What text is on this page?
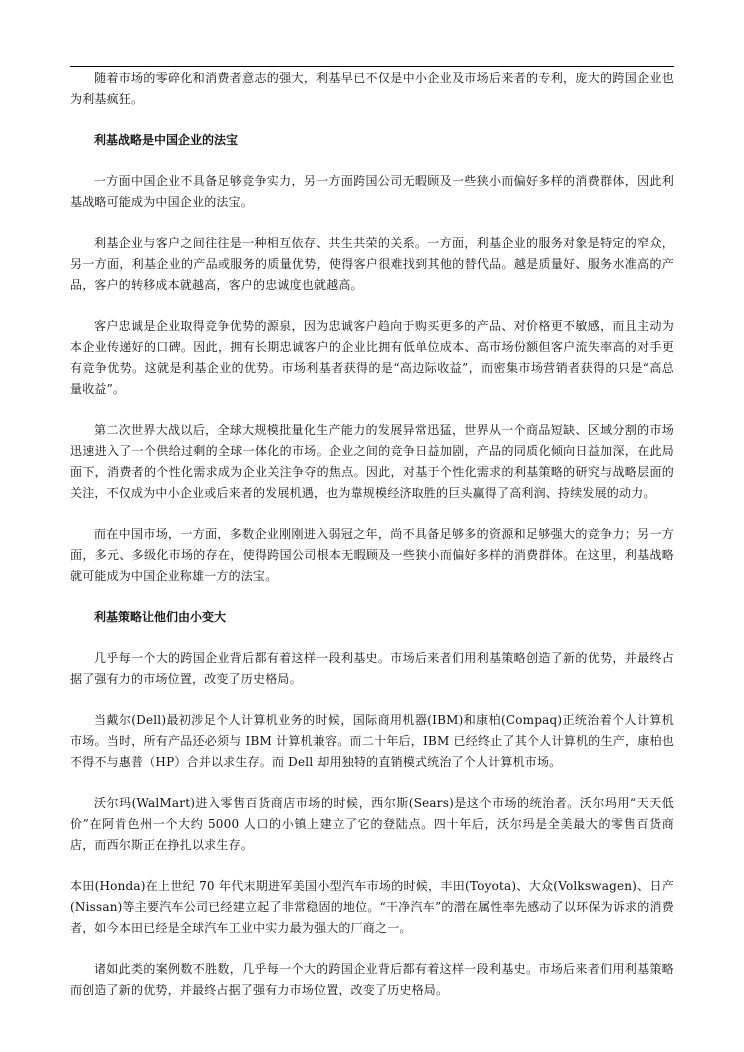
随着市场的零碎化和消费者意志的强大，利基早已不仅是中小企业及市场后来者的专利，庞大的跨国企业也为利基疯狂。

利基战略是中国企业的法宝

一方面中国企业不具备足够竞争实力，另一方面跨国公司无暇顾及一些狭小而偏好多样的消费群体，因此利基战略可能成为中国企业的法宝。

利基企业与客户之间往往是一种相互依存、共生共荣的关系。一方面，利基企业的服务对象是特定的窄众，另一方面，利基企业的产品或服务的质量优势，使得客户很难找到其他的替代品。越是质量好、服务水准高的产品，客户的转移成本就越高，客户的忠诚度也就越高。

客户忠诚是企业取得竞争优势的源泉，因为忠诚客户趋向于购买更多的产品、对价格更不敏感，而且主动为本企业传递好的口碑。因此，拥有长期忠诚客户的企业比拥有低单位成本、高市场份额但客户流失率高的对手更有竞争优势。这就是利基企业的优势。市场利基者获得的是“高边际收益”，而密集市场营销者获得的只是“高总量收益”。

第二次世界大战以后，全球大规模批量化生产能力的发展异常迅猛，世界从一个商品短缺、区域分割的市场迅速进入了一个供给过剩的全球一体化的市场。企业之间的竞争日益加剧，产品的同质化倾向日益加深，在此局面下，消费者的个性化需求成为企业关注争夺的焦点。因此，对基于个性化需求的利基策略的研究与战略层面的关注，不仅成为中小企业或后来者的发展机遇，也为靠规模经济取胜的巨头赢得了高利润、持续发展的动力。

而在中国市场，一方面，多数企业刚刚进入弱冠之年，尚不具备足够多的资源和足够强大的竞争力；另一方面，多元、多级化市场的存在，使得跨国公司根本无暇顾及一些狭小而偏好多样的消费群体。在这里，利基战略就可能成为中国企业称雄一方的法宝。

利基策略让他们由小变大

几乎每一个大的跨国企业背后都有着这样一段利基史。市场后来者们用利基策略创造了新的优势，并最终占据了强有力的市场位置，改变了历史格局。

当戴尔(Dell)最初涉足个人计算机业务的时候，国际商用机器(IBM)和康柏(Compaq)正统治着个人计算机市场。当时，所有产品还必须与 IBM 计算机兼容。而二十年后，IBM 已经终止了其个人计算机的生产，康柏也不得不与惠普（HP）合并以求生存。而 Dell 却用独特的直销模式统治了个人计算机市场。

沃尔玛(WalMart)进入零售百货商店市场的时候，西尔斯(Sears)是这个市场的统治者。沃尔玛用“天天低价”在阿肯色州一个大约 5000 人口的小镇上建立了它的登陆点。四十年后，沃尔玛是全美最大的零售百货商店，而西尔斯正在挣扎以求生存。

本田(Honda)在上世纪 70 年代末期进军美国小型汽车市场的时候，丰田(Toyota)、大众(Volkswagen)、日产(Nissan)等主要汽车公司已经建立起了非常稳固的地位。“干净汽车”的潜在属性率先感动了以环保为诉求的消费者，如今本田已经是全球汽车工业中实力最为强大的厂商之一。

诸如此类的案例数不胜数，几乎每一个大的跨国企业背后都有着这样一段利基史。市场后来者们用利基策略而创造了新的优势，并最终占据了强有力市场位置，改变了历史格局。
